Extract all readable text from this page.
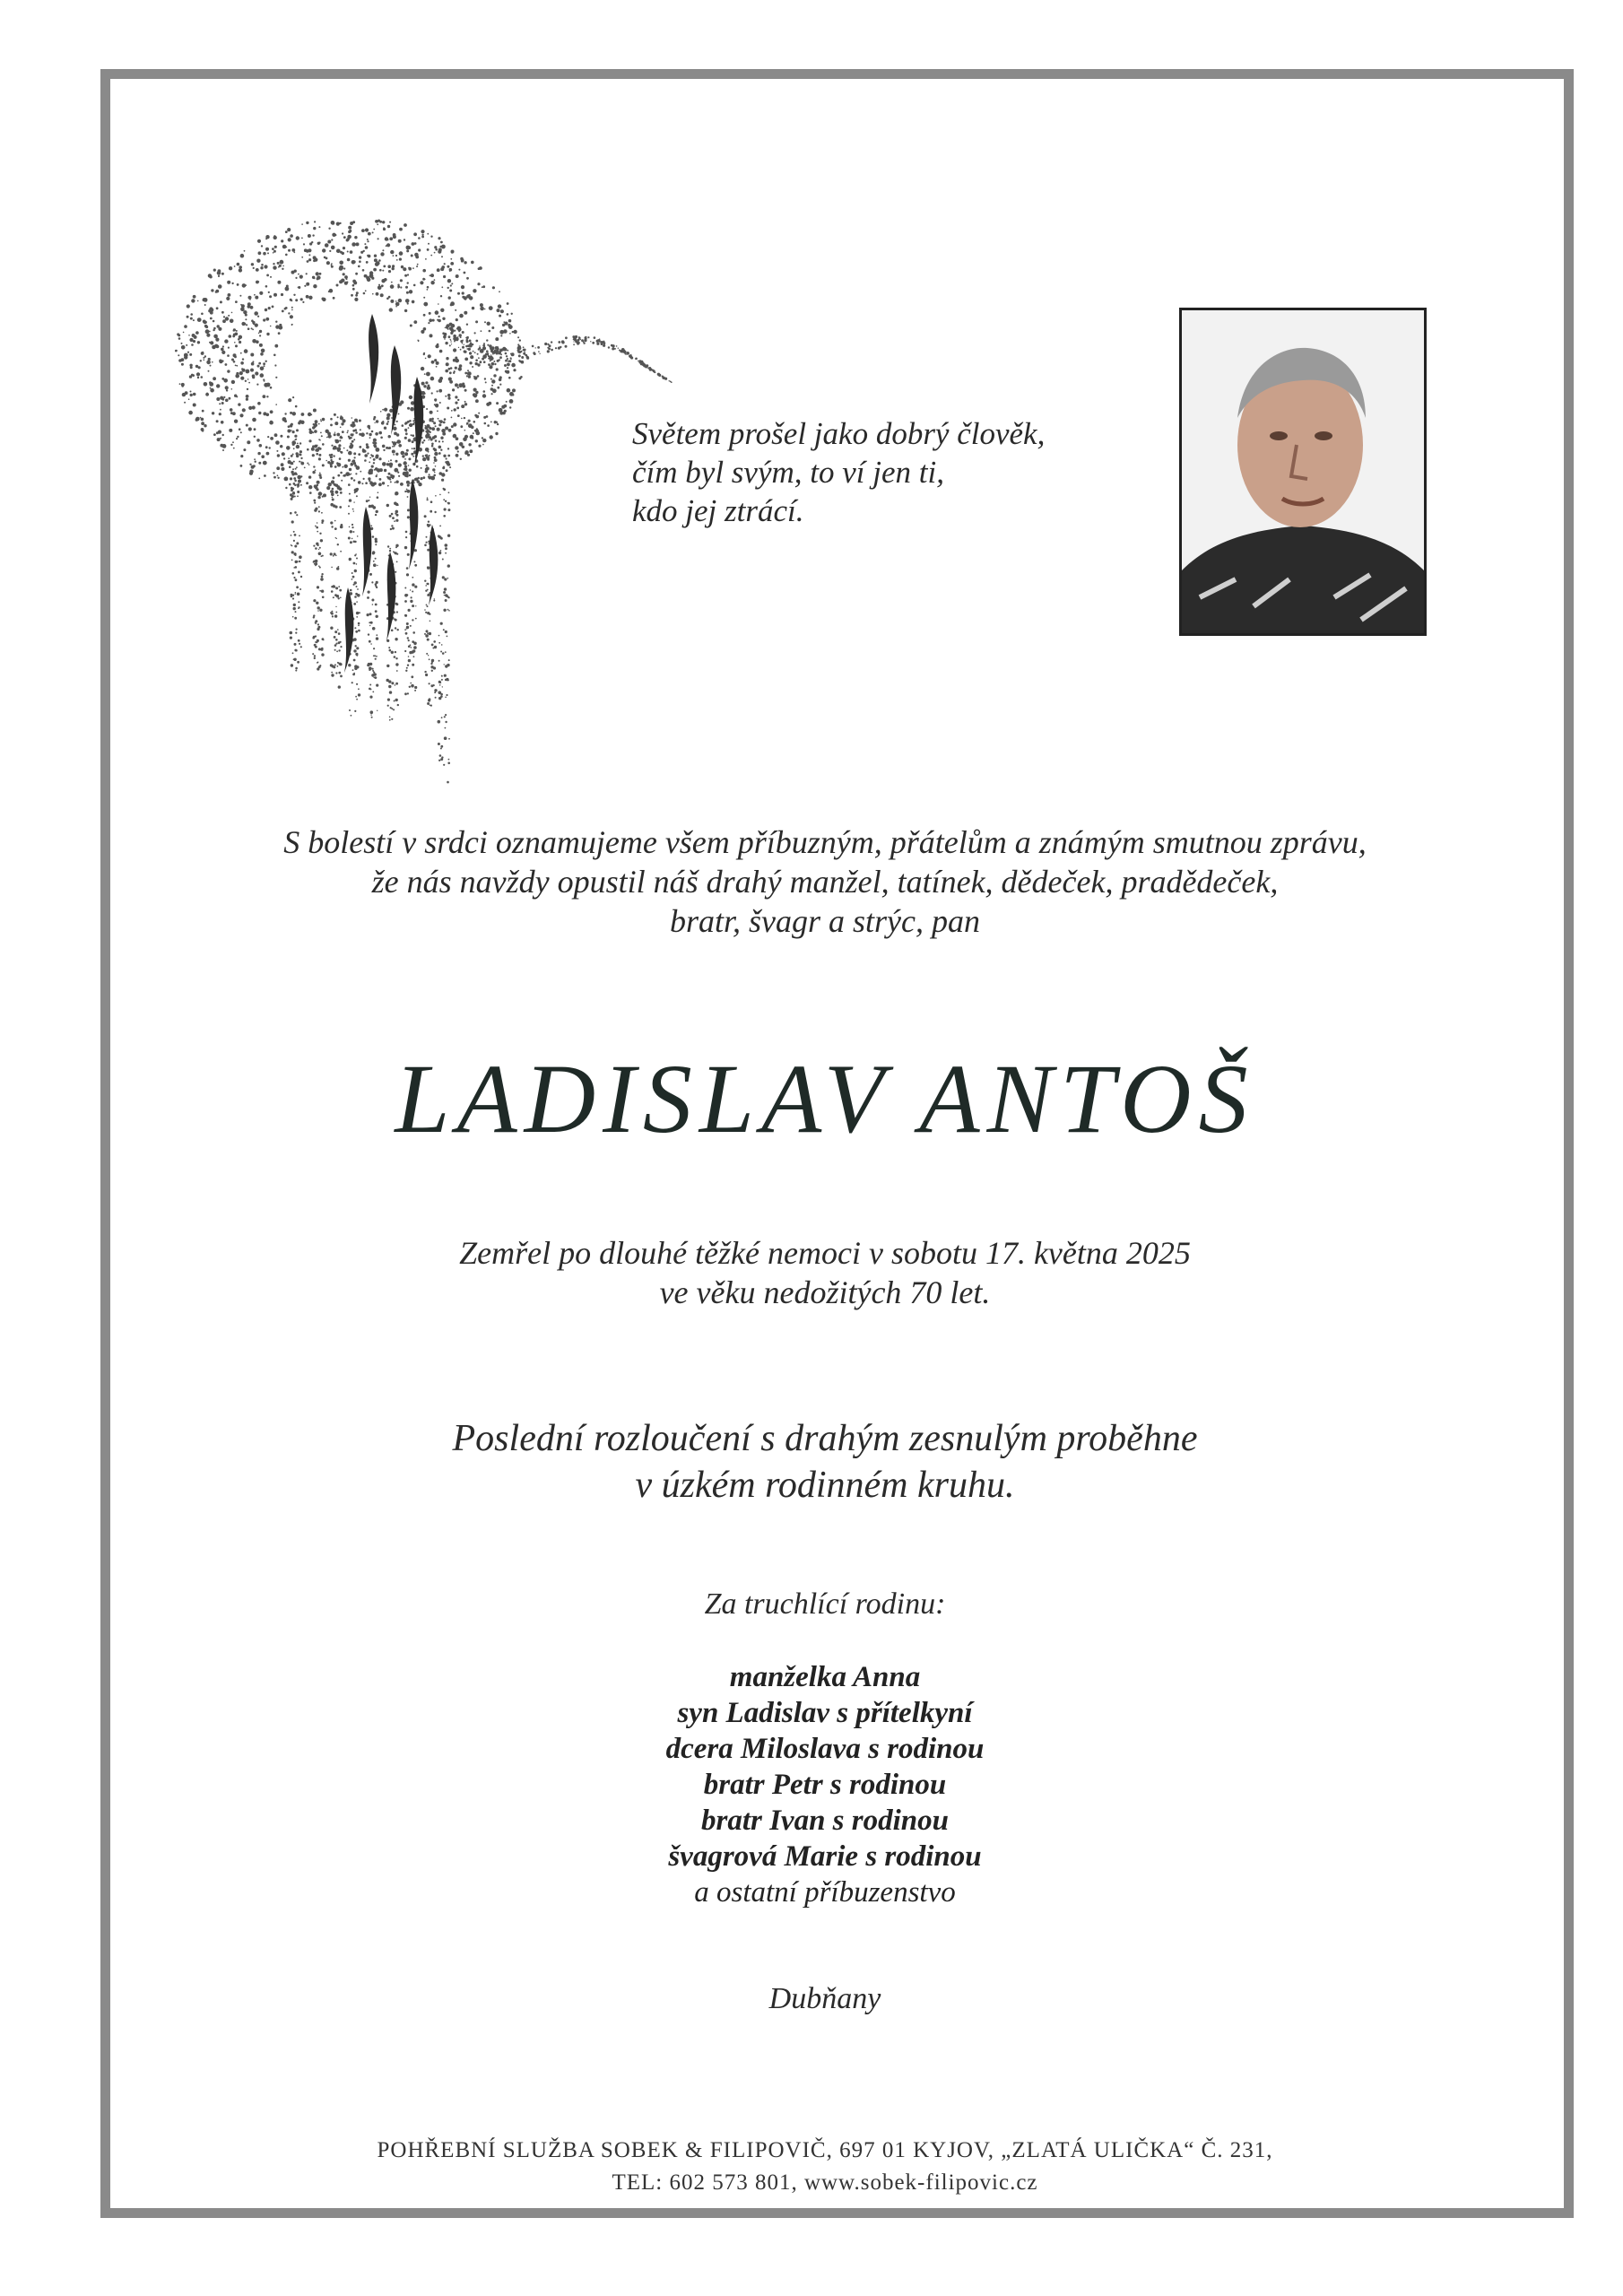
Světem prošel jako dobrý člověk,
čím byl svým, to ví jen ti,
kdo jej ztrácí.
S bolestí v srdci oznamujeme všem příbuzným, přátelům a známým smutnou zprávu,
že nás navždy opustil náš drahý manžel, tatínek, dědeček, pradědeček,
bratr, švagr a strýc, pan
LADISLAV ANTOŠ
Zemřel po dlouhé těžké nemoci v sobotu 17. května 2025
ve věku nedožitých 70 let.
Poslední rozloučení s drahým zesnulým proběhne
v úzkém rodinném kruhu.
Za truchlící rodinu:
manželka Anna
syn Ladislav s přítelkyní
dcera Miloslava s rodinou
bratr Petr s rodinou
bratr Ivan s rodinou
švagrová Marie s rodinou
a ostatní příbuzenstvo
Dubňany
POHŘEBNÍ SLUŽBA SOBEK & FILIPOVIČ, 697 01 KYJOV, „ZLATÁ ULIČKA“ Č. 231,
TEL: 602 573 801, www.sobek-filipovic.cz
